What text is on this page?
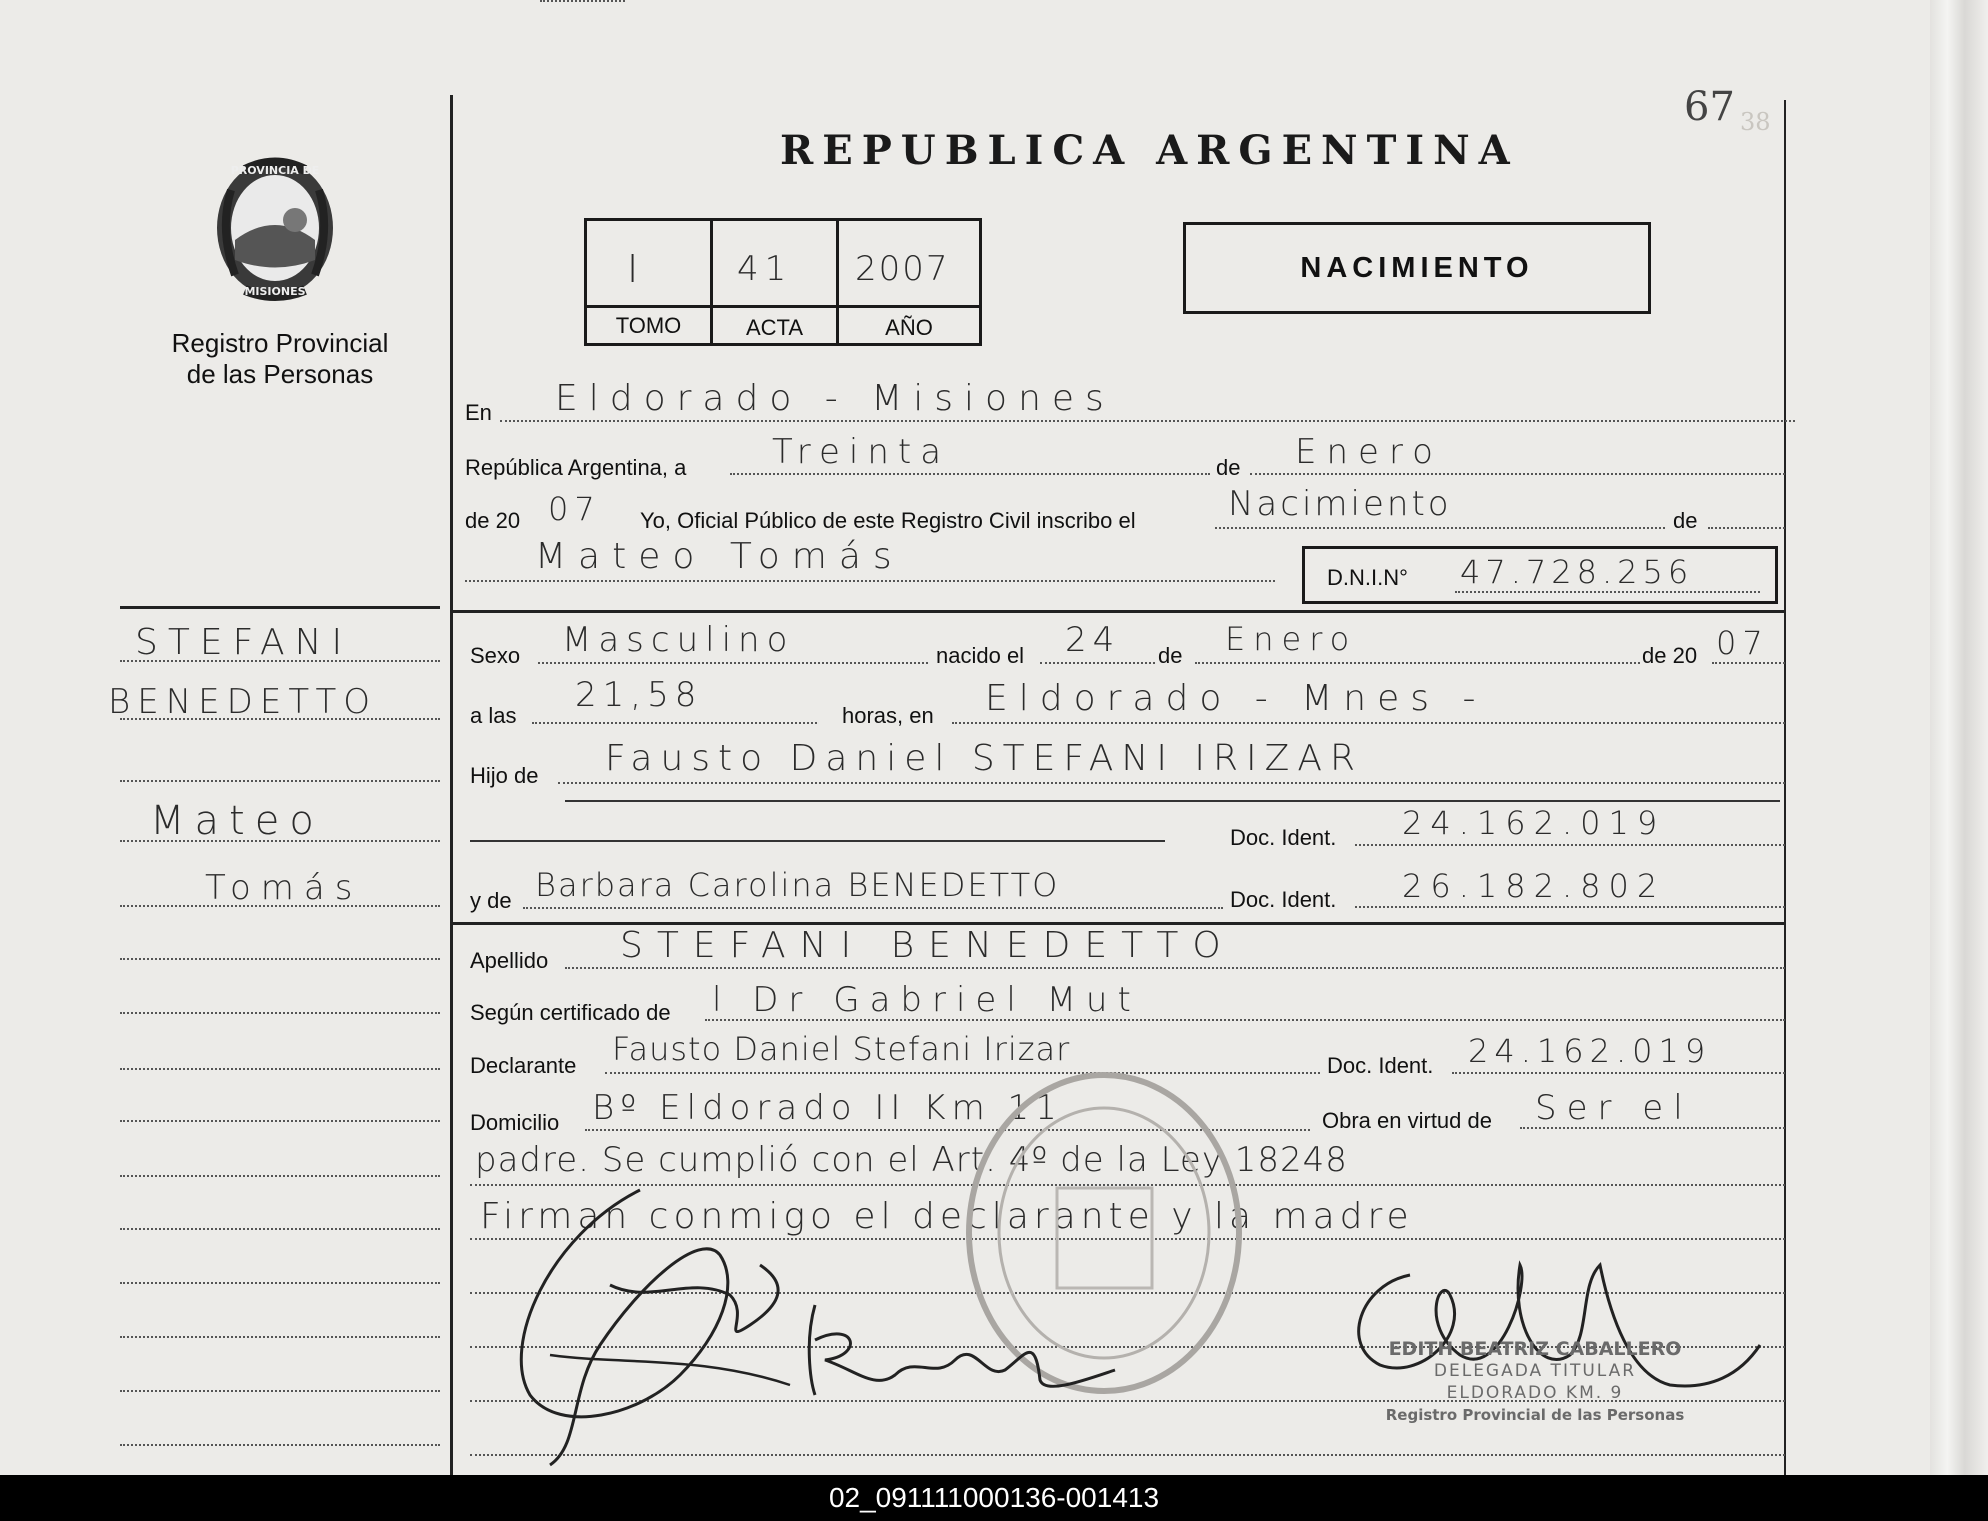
67 38
REPUBLICA ARGENTINA
PROVINCIA DE
MISIONES
Registro Provincial
de las Personas
I	41 2007
TOMO	ACTA	AÑO
NACIMIENTO
STEFANI
BENEDETTO
Mateo
Tomás
En Eldorado - Misiones
República Argentina, a	Treinta	de Enero
de 20 07 Yo, Oficial Público de este Registro Civil inscribo el	Nacimiento	de
Mateo Tomás
D.N.I.N° 47.728.256
Sexo Masculino	nacido el 24 de Enero	de 20 07
a las
21,58
horas, en Eldorado - Mnes -
Hijo de Fausto Daniel STEFANI IRIZAR
Doc. Ident. 24.162.019
y de Barbara Carolina BENEDETTO	Doc. Ident. 26.182.802
Apellido STEFANI BENEDETTO
Según certificado de l Dr Gabriel Mut
Declarante Fausto Daniel Stefani Irizar	Doc. Ident. 24.162.019
Domicilio Bº Eldorado II Km 11	Obra en virtud de Ser el
padre. Se cumplió con el Art. 4º de la Ley 18248
Firman conmigo el declarante y la madre
EDITH BEATRIZ CABALLERO
DELEGADA TITULAR
ELDORADO KM. 9
Registro Provincial de las Personas
02_091111000136-001413
